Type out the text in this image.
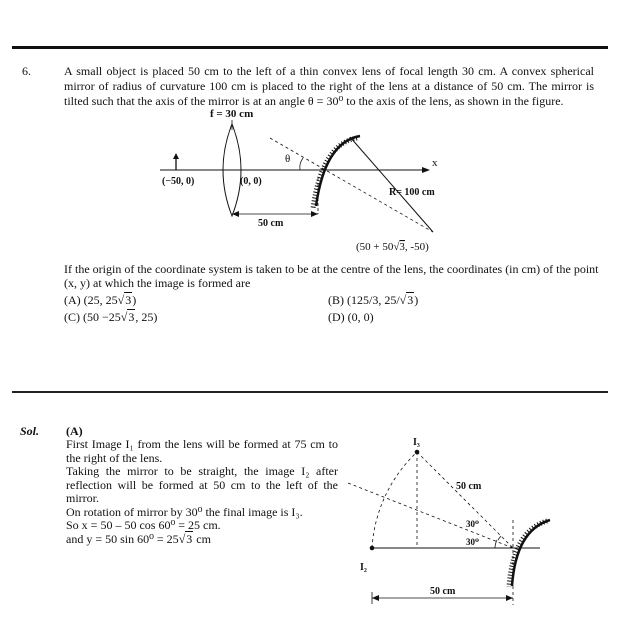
6.	A small object is placed 50 cm to the left of a thin convex lens of focal length 30 cm. A convex spherical mirror of radius of curvature 100 cm is placed to the right of the lens at a distance of 50 cm. The mirror is tilted such that the axis of the mirror is at an angle θ = 30⁰ to the axis of the lens, as shown in the figure.
f = 30 cm
θ	x
(−50, 0)	(0, 0)
50 cm
R= 100 cm
(50 + 50√3, -50)
I₃
I₂
50 cm
30⁰
30⁰
50 cm
If the origin of the coordinate system is taken to be at the centre of the lens, the coordinates (in cm) of the point (x, y) at which the image is formed are
(A) (25, 25√3)	(B) (125/3, 25/√3)
(C) (50 −25√3, 25)	(D) (0, 0)
Sol. (A)

First Image I₁ from the lens will be formed at 75 cm to the right of the lens.

Taking the mirror to be straight, the image I₂ after reflection will be formed at 50 cm to the left of the mirror.

On rotation of mirror by 30⁰ the final image is I₃.

So x = 50 – 50 cos 60⁰ = 25 cm.

and y = 50 sin 60⁰ = 25√3 cm
